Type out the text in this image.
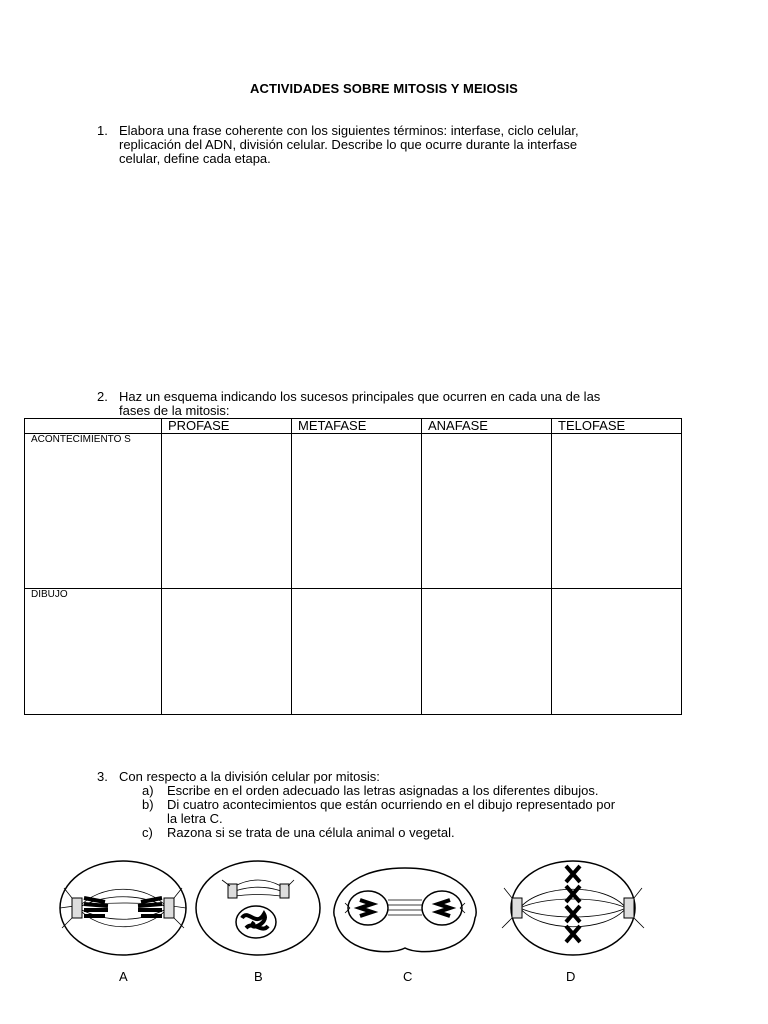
ACTIVIDADES SOBRE MITOSIS Y MEIOSIS
1. Elabora una frase coherente con los siguientes términos: interfase, ciclo celular,
replicación del ADN, división celular. Describe lo que ocurre durante la interfase
celular, define cada etapa.
2. Haz un esquema indicando los sucesos principales que ocurren en cada una de las
fases de la mitosis:
	PROFASE	METAFASE	ANAFASE	TELOFASE
ACONTECIMIENTO S				
DIBUJO				
3. Con respecto a la división celular por mitosis:
a) Escribe en el orden adecuado las letras asignadas a los diferentes dibujos.
b) Di cuatro acontecimientos que están ocurriendo en el dibujo representado por
la letra C.
c) Razona si se trata de una célula animal o vegetal.
A	B	C	D
